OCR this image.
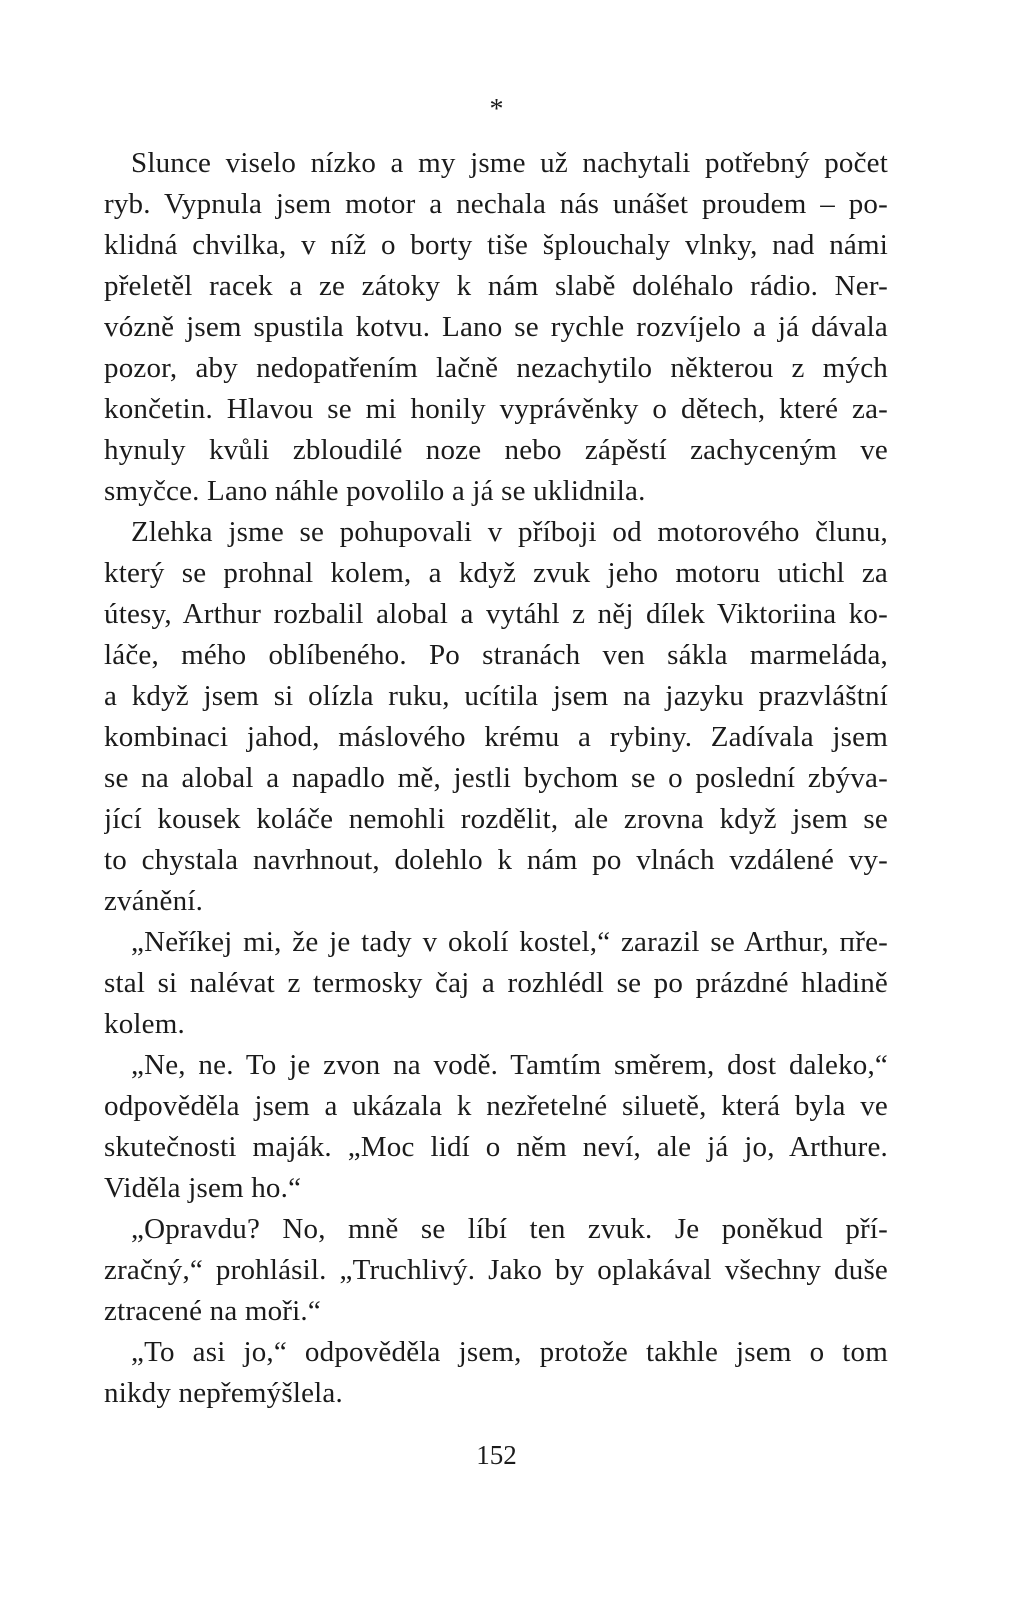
*

Slunce viselo nízko a my jsme už nachytali potřebný počet
ryb. Vypnula jsem motor a nechala nás unášet proudem – po-
klidná chvilka, v níž o borty tiše šplouchaly vlnky, nad námi
přeletěl racek a ze zátoky k nám slabě doléhalo rádio. Ner-
vózně jsem spustila kotvu. Lano se rychle rozvíjelo a já dávala
pozor, aby nedopatřením lačně nezachytilo některou z mých
končetin. Hlavou se mi honily vyprávěnky o dětech, které za-
hynuly kvůli zbloudilé noze nebo zápěstí zachyceným ve
smyčce. Lano náhle povolilo a já se uklidnila.

Zlehka jsme se pohupovali v příboji od motorového člunu,
který se prohnal kolem, a když zvuk jeho motoru utichl za
útesy, Arthur rozbalil alobal a vytáhl z něj dílek Viktoriina ko-
láče, mého oblíbeného. Po stranách ven sákla marmeláda,
a když jsem si olízla ruku, ucítila jsem na jazyku prazvláštní
kombinaci jahod, máslového krému a rybiny. Zadívala jsem
se na alobal a napadlo mě, jestli bychom se o poslední zbýva-
jící kousek koláče nemohli rozdělit, ale zrovna když jsem se
to chystala navrhnout, dolehlo k nám po vlnách vzdálené vy-
zvánění.

„Neříkej mi, že je tady v okolí kostel,“ zarazil se Arthur, пře-
stal si nalévat z termosky čaj a rozhlédl se po prázdné hladině
kolem.

„Ne, ne. To je zvon na vodě. Tamtím směrem, dost daleko,“
odpověděla jsem a ukázala k nezřetelné siluetě, která byla ve
skutečnosti maják. „Moc lidí o něm neví, ale já jo, Arthure.
Viděla jsem ho.“

„Opravdu? No, mně se líbí ten zvuk. Je poněkud pří-
zračný,“ prohlásil. „Truchlivý. Jako by oplakával všechny duše
ztracené na moři.“

„To asi jo,“ odpověděla jsem, protože takhle jsem o tom
nikdy nepřemýšlela.

152
